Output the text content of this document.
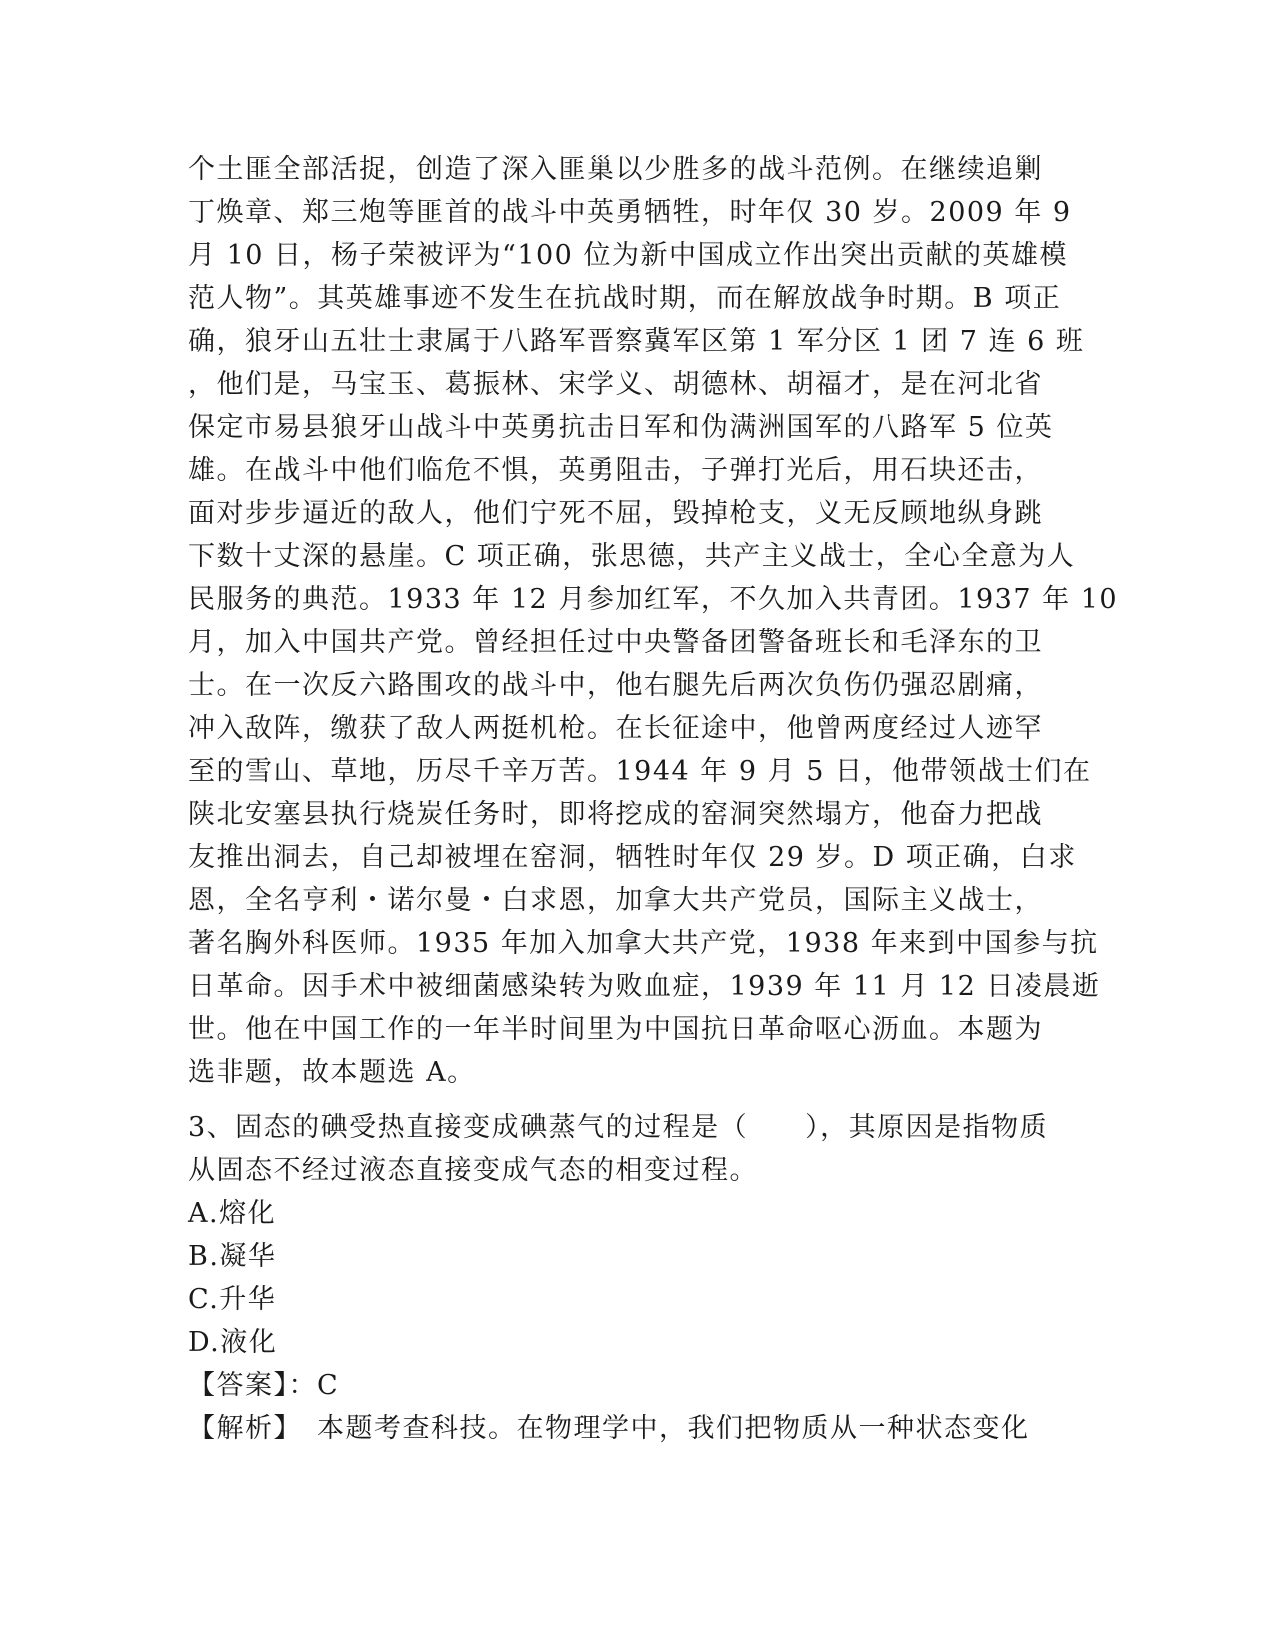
个土匪全部活捉，创造了深入匪巢以少胜多的战斗范例。在继续追剿
丁焕章、郑三炮等匪首的战斗中英勇牺牲，时年仅 30 岁。2009 年 9
月 10 日，杨子荣被评为“100 位为新中国成立作出突出贡献的英雄模
范人物”。其英雄事迹不发生在抗战时期，而在解放战争时期。B 项正
确，狼牙山五壮士隶属于八路军晋察冀军区第 1 军分区 1 团 7 连 6 班
，他们是，马宝玉、葛振林、宋学义、胡德林、胡福才，是在河北省
保定市易县狼牙山战斗中英勇抗击日军和伪满洲国军的八路军 5 位英
雄。在战斗中他们临危不惧，英勇阻击，子弹打光后，用石块还击，
面对步步逼近的敌人，他们宁死不屈，毁掉枪支，义无反顾地纵身跳
下数十丈深的悬崖。C 项正确，张思德，共产主义战士，全心全意为人
民服务的典范。1933 年 12 月参加红军，不久加入共青团。1937 年 10
月，加入中国共产党。曾经担任过中央警备团警备班长和毛泽东的卫
士。在一次反六路围攻的战斗中，他右腿先后两次负伤仍强忍剧痛，
冲入敌阵，缴获了敌人两挺机枪。在长征途中，他曾两度经过人迹罕
至的雪山、草地，历尽千辛万苦。1944 年 9 月 5 日，他带领战士们在
陕北安塞县执行烧炭任务时，即将挖成的窑洞突然塌方，他奋力把战
友推出洞去，自己却被埋在窑洞，牺牲时年仅 29 岁。D 项正确，白求
恩，全名亨利・诺尔曼・白求恩，加拿大共产党员，国际主义战士，
著名胸外科医师。1935 年加入加拿大共产党，1938 年来到中国参与抗
日革命。因手术中被细菌感染转为败血症，1939 年 11 月 12 日凌晨逝
世。他在中国工作的一年半时间里为中国抗日革命呕心沥血。本题为
选非题，故本题选 A。
3、固态的碘受热直接变成碘蒸气的过程是（　　），其原因是指物质
从固态不经过液态直接变成气态的相变过程。
A.熔化
B.凝华
C.升华
D.液化
【答案】：C
【解析】　本题考查科技。在物理学中，我们把物质从一种状态变化
